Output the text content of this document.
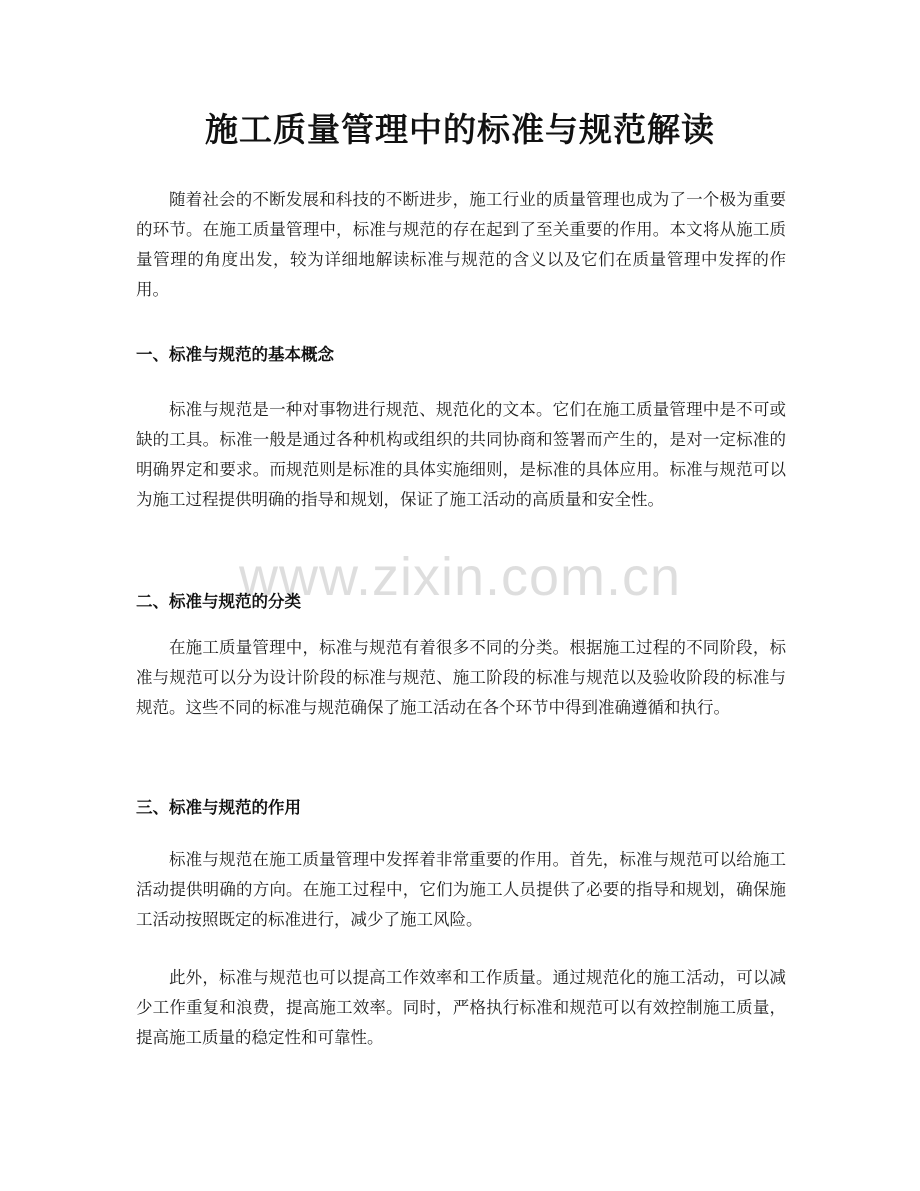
施工质量管理中的标准与规范解读

随着社会的不断发展和科技的不断进步，施工行业的质量管理也成为了一个极为重要的环节。在施工质量管理中，标准与规范的存在起到了至关重要的作用。本文将从施工质量管理的角度出发，较为详细地解读标准与规范的含义以及它们在质量管理中发挥的作用。

一、标准与规范的基本概念

标准与规范是一种对事物进行规范、规范化的文本。它们在施工质量管理中是不可或缺的工具。标准一般是通过各种机构或组织的共同协商和签署而产生的，是对一定标准的明确界定和要求。而规范则是标准的具体实施细则，是标准的具体应用。标准与规范可以为施工过程提供明确的指导和规划，保证了施工活动的高质量和安全性。

二、标准与规范的分类

在施工质量管理中，标准与规范有着很多不同的分类。根据施工过程的不同阶段，标准与规范可以分为设计阶段的标准与规范、施工阶段的标准与规范以及验收阶段的标准与规范。这些不同的标准与规范确保了施工活动在各个环节中得到准确遵循和执行。

三、标准与规范的作用

标准与规范在施工质量管理中发挥着非常重要的作用。首先，标准与规范可以给施工活动提供明确的方向。在施工过程中，它们为施工人员提供了必要的指导和规划，确保施工活动按照既定的标准进行，减少了施工风险。

此外，标准与规范也可以提高工作效率和工作质量。通过规范化的施工活动，可以减少工作重复和浪费，提高施工效率。同时，严格执行标准和规范可以有效控制施工质量，提高施工质量的稳定性和可靠性。

www.zixin.com.cn
